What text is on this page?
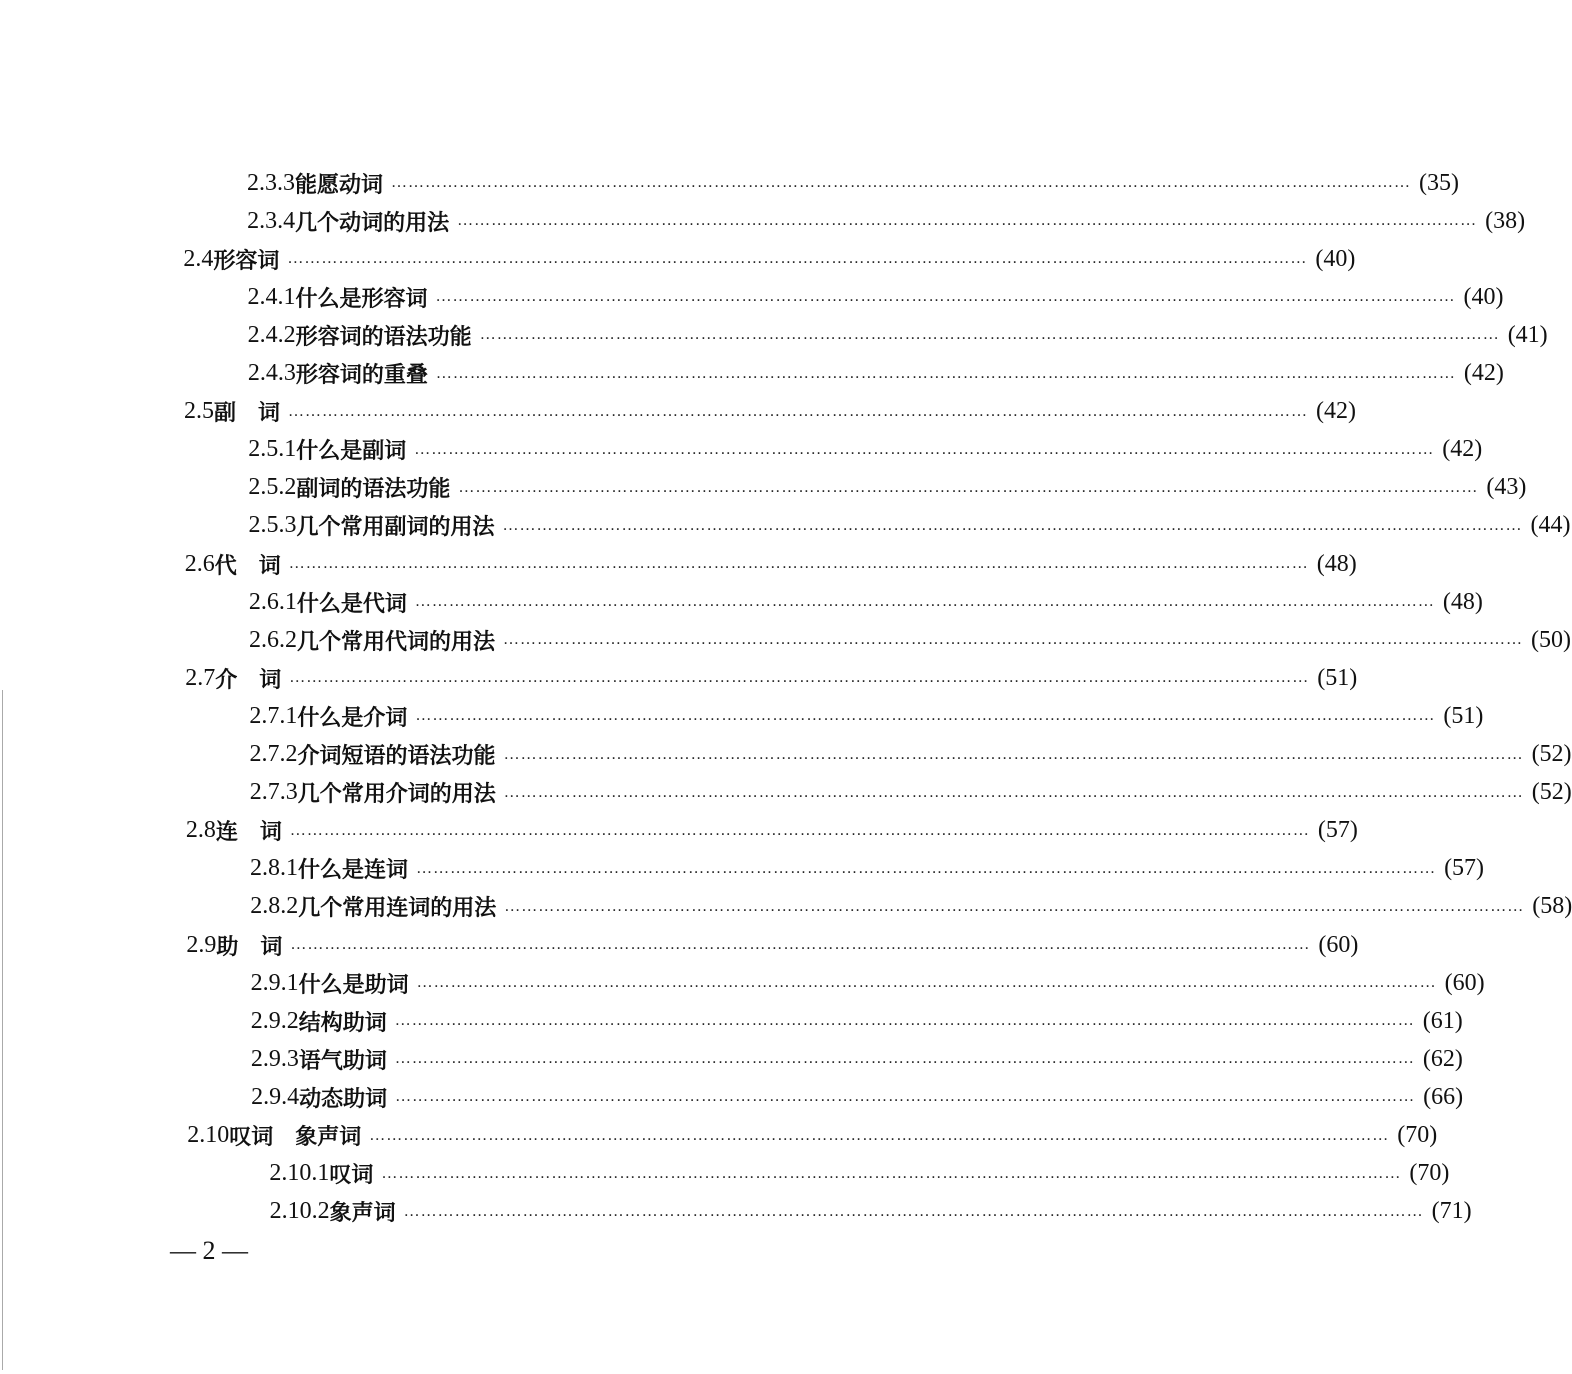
2.3.3 能愿动词 ……………………………………………………………………………………………………………………………………………………………… (35)
2.3.4 几个动词的用法 ……………………………………………………………………………………………………………………………………………………………… (38)
2.4 形容词 ……………………………………………………………………………………………………………………………………………………………… (40)
2.4.1 什么是形容词 ……………………………………………………………………………………………………………………………………………………………… (40)
2.4.2 形容词的语法功能 ……………………………………………………………………………………………………………………………………………………………… (41)
2.4.3 形容词的重叠 ……………………………………………………………………………………………………………………………………………………………… (42)
2.5 副　词 ……………………………………………………………………………………………………………………………………………………………… (42)
2.5.1 什么是副词 ……………………………………………………………………………………………………………………………………………………………… (42)
2.5.2 副词的语法功能 ……………………………………………………………………………………………………………………………………………………………… (43)
2.5.3 几个常用副词的用法 ……………………………………………………………………………………………………………………………………………………………… (44)
2.6 代　词 ……………………………………………………………………………………………………………………………………………………………… (48)
2.6.1 什么是代词 ……………………………………………………………………………………………………………………………………………………………… (48)
2.6.2 几个常用代词的用法 ……………………………………………………………………………………………………………………………………………………………… (50)
2.7 介　词 ……………………………………………………………………………………………………………………………………………………………… (51)
2.7.1 什么是介词 ……………………………………………………………………………………………………………………………………………………………… (51)
2.7.2 介词短语的语法功能 ……………………………………………………………………………………………………………………………………………………………… (52)
2.7.3 几个常用介词的用法 ……………………………………………………………………………………………………………………………………………………………… (52)
2.8 连　词 ……………………………………………………………………………………………………………………………………………………………… (57)
2.8.1 什么是连词 ……………………………………………………………………………………………………………………………………………………………… (57)
2.8.2 几个常用连词的用法 ……………………………………………………………………………………………………………………………………………………………… (58)
2.9 助　词 ……………………………………………………………………………………………………………………………………………………………… (60)
2.9.1 什么是助词 ……………………………………………………………………………………………………………………………………………………………… (60)
2.9.2 结构助词 ……………………………………………………………………………………………………………………………………………………………… (61)
2.9.3 语气助词 ……………………………………………………………………………………………………………………………………………………………… (62)
2.9.4 动态助词 ……………………………………………………………………………………………………………………………………………………………… (66)
2.10 叹词　象声词 ……………………………………………………………………………………………………………………………………………………………… (70)
2.10.1 叹词 ……………………………………………………………………………………………………………………………………………………………… (70)
2.10.2 象声词 ……………………………………………………………………………………………………………………………………………………………… (71)
— 2 —
